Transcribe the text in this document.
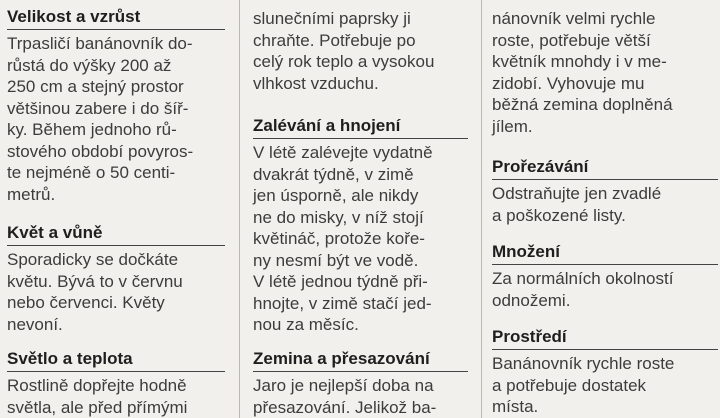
Velikost a vzrůst
Trpasličí banánovník do-
růstá do výšky 200 až
250 cm a stejný prostor
většinou zabere i do šíř-
ky. Během jednoho rů-
stového období povyros-
te nejméně o 50 centi-
metrů.
Květ a vůně
Sporadicky se dočkáte
květu. Bývá to v červnu
nebo červenci. Květy
nevoní.
Světlo a teplota
Rostlině dopřejte hodně
světla, ale před přímými
slunečními paprsky ji
chraňte. Potřebuje po
celý rok teplo a vysokou
vlhkost vzduchu.
Zalévání a hnojení
V létě zalévejte vydatně
dvakrát týdně, v zimě
jen úsporně, ale nikdy
ne do misky, v níž stojí
květináč, protože koře-
ny nesmí být ve vodě.
V létě jednou týdně při-
hnojte, v zimě stačí jed-
nou za měsíc.
Zemina a přesazování
Jaro je nejlepší doba na
přesazování. Jelikož ba-
nánovník velmi rychle
roste, potřebuje větší
květník mnohdy i v me-
zidobí. Vyhovuje mu
běžná zemina doplněná
jílem.
Prořezávání
Odstraňujte jen zvadlé
a poškozené listy.
Množení
Za normálních okolností
odnožemi.
Prostředí
Banánovník rychle roste
a potřebuje dostatek
místa.
